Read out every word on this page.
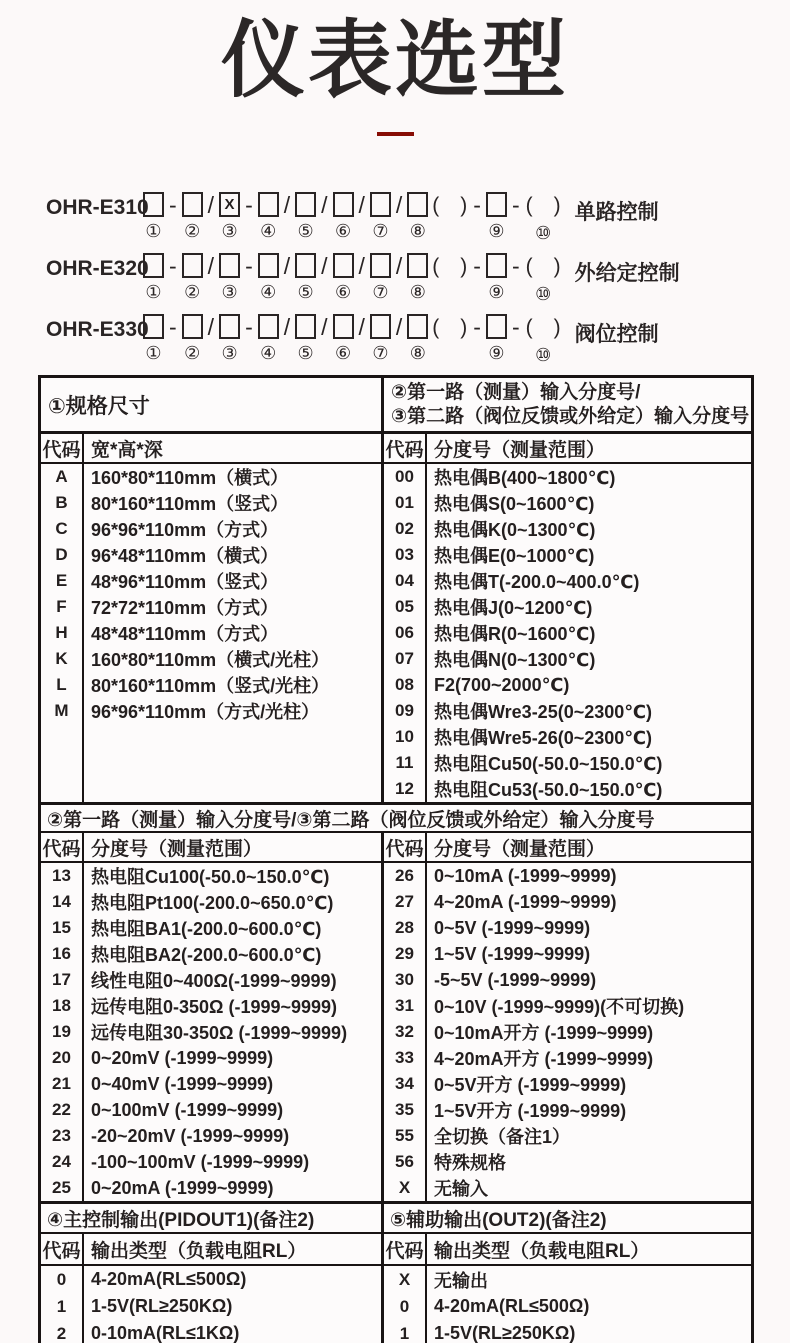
仪表选型
OHR-E310
①
-

②
/
X
③
-

④
/

⑤
/

⑥
/

⑦
/

⑧
(  )
-

⑨
-
(  )
⑩
单路控制
OHR-E320
①
-

②
/

③
-

④
/

⑤
/

⑥
/

⑦
/

⑧
(  )
-

⑨
-
(  )
⑩
外给定控制
OHR-E330
①
-

②
/

③
-

④
/

⑤
/

⑥
/

⑦
/

⑧
(  )
-

⑨
-
(  )
⑩
阀位控制
①规格尺寸
代码 宽*高*深
A	160*80*110mm（横式）
B	80*160*110mm（竖式）
C	96*96*110mm（方式）
D	96*48*110mm（横式）
E	48*96*110mm（竖式）
F	72*72*110mm（方式）
H	48*48*110mm（方式）
K	160*80*110mm（横式/光柱）
L	80*160*110mm（竖式/光柱）
M	96*96*110mm（方式/光柱）
②第一路（测量）输入分度号/
③第二路（阀位反馈或外给定）输入分度号
代码 分度号（测量范围）
00	热电偶B(400~1800℃)
01	热电偶S(0~1600℃)
02	热电偶K(0~1300℃)
03	热电偶E(0~1000℃)
04	热电偶T(-200.0~400.0℃)
05	热电偶J(0~1200℃)
06	热电偶R(0~1600℃)
07	热电偶N(0~1300℃)
08	F2(700~2000℃)
09	热电偶Wre3-25(0~2300℃)
10	热电偶Wre5-26(0~2300℃)
11	热电阻Cu50(-50.0~150.0℃)
12	热电阻Cu53(-50.0~150.0℃)
②第一路（测量）输入分度号/③第二路（阀位反馈或外给定）输入分度号
代码 分度号（测量范围）
13	热电阻Cu100(-50.0~150.0℃)
14	热电阻Pt100(-200.0~650.0℃)
15	热电阻BA1(-200.0~600.0℃)
16	热电阻BA2(-200.0~600.0℃)
17	线性电阻0~400Ω(-1999~9999)
18	远传电阻0-350Ω (-1999~9999)
19	远传电阻30-350Ω (-1999~9999)
20	0~20mV (-1999~9999)
21	0~40mV (-1999~9999)
22	0~100mV (-1999~9999)
23	-20~20mV (-1999~9999)
24	-100~100mV (-1999~9999)
25	0~20mA (-1999~9999)
代码 分度号（测量范围）
26	0~10mA (-1999~9999)
27	4~20mA (-1999~9999)
28	0~5V (-1999~9999)
29	1~5V (-1999~9999)
30	-5~5V (-1999~9999)
31	0~10V (-1999~9999)(不可切换)
32	0~10mA开方 (-1999~9999)
33	4~20mA开方 (-1999~9999)
34	0~5V开方 (-1999~9999)
35	1~5V开方 (-1999~9999)
55	全切换（备注1）
56	特殊规格
X	无输入
④主控制输出(PIDOUT1)(备注2)
代码 输出类型（负载电阻RL）
0	4-20mA(RL≤500Ω)
1	1-5V(RL≥250KΩ)
2	0-10mA(RL≤1KΩ)
⑤辅助输出(OUT2)(备注2)
代码 输出类型（负载电阻RL）
X	无输出
0	4-20mA(RL≤500Ω)
1	1-5V(RL≥250KΩ)
